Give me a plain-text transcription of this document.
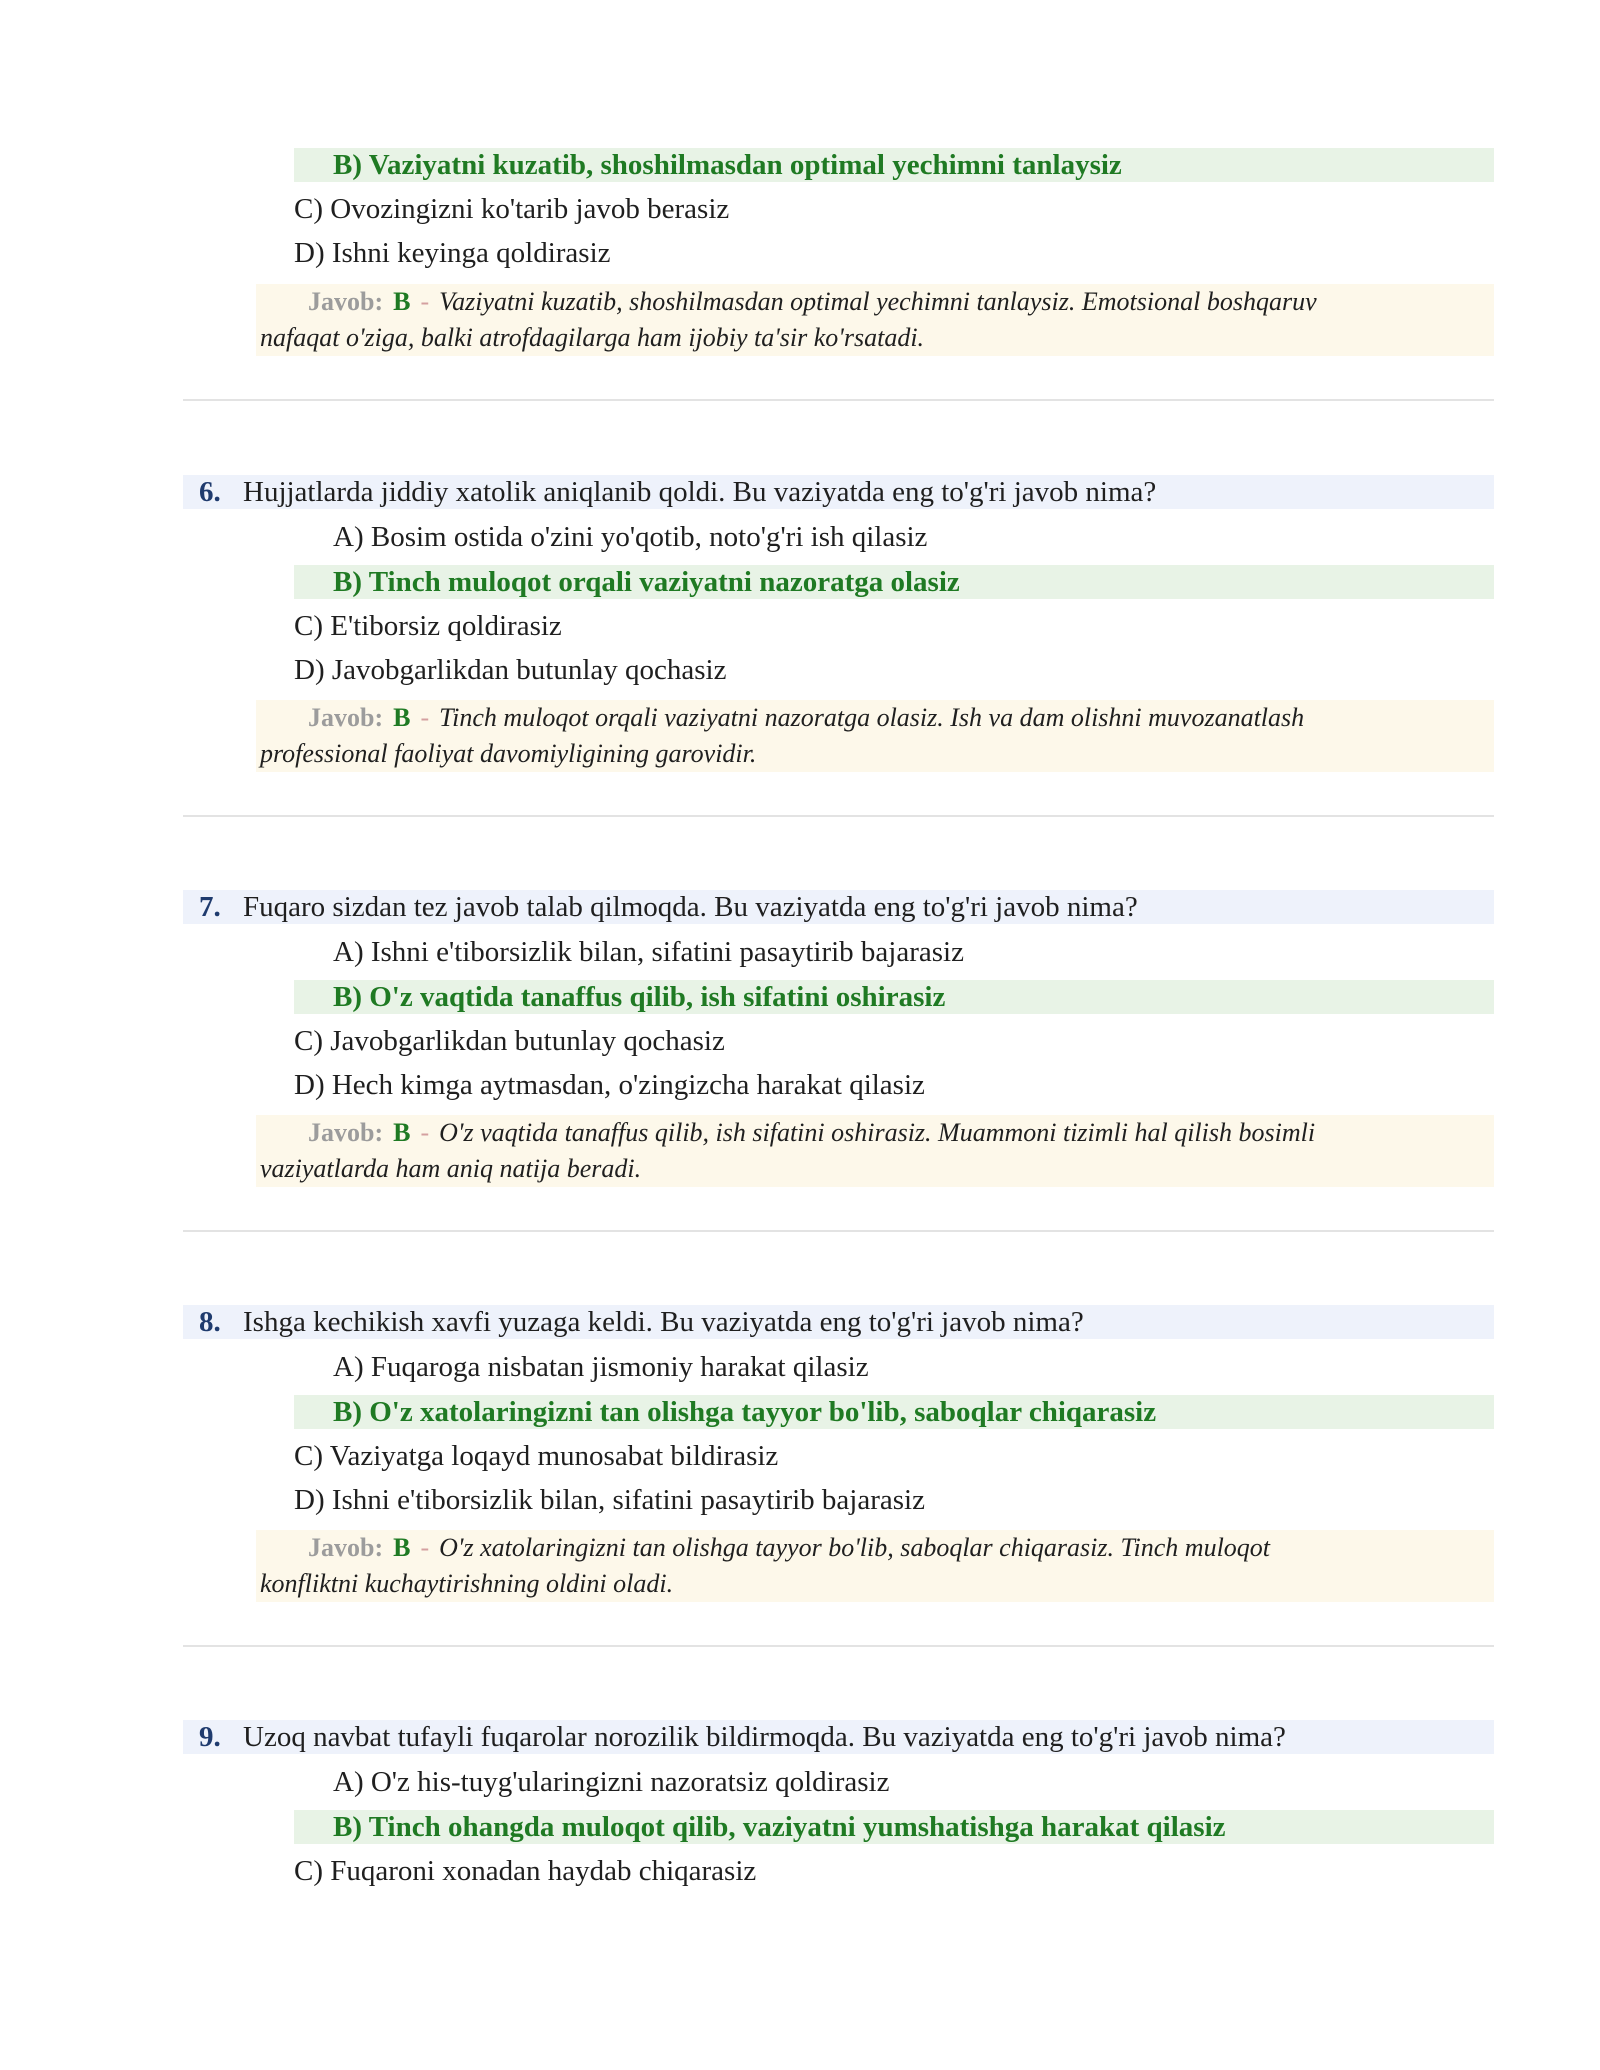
B) Vaziyatni kuzatib, shoshilmasdan optimal yechimni tanlaysiz
C) Ovozingizni ko'tarib javob berasiz
D) Ishni keyinga qoldirasiz
Javob: B - Vaziyatni kuzatib, shoshilmasdan optimal yechimni tanlaysiz. Emotsional boshqaruv
nafaqat o'ziga, balki atrofdagilarga ham ijobiy ta'sir ko'rsatadi.
6. Hujjatlarda jiddiy xatolik aniqlanib qoldi. Bu vaziyatda eng to'g'ri javob nima?
A) Bosim ostida o'zini yo'qotib, noto'g'ri ish qilasiz
B) Tinch muloqot orqali vaziyatni nazoratga olasiz
C) E'tiborsiz qoldirasiz
D) Javobgarlikdan butunlay qochasiz
Javob: B - Tinch muloqot orqali vaziyatni nazoratga olasiz. Ish va dam olishni muvozanatlash
professional faoliyat davomiyligining garovidir.
7. Fuqaro sizdan tez javob talab qilmoqda. Bu vaziyatda eng to'g'ri javob nima?
A) Ishni e'tiborsizlik bilan, sifatini pasaytirib bajarasiz
B) O'z vaqtida tanaffus qilib, ish sifatini oshirasiz
C) Javobgarlikdan butunlay qochasiz
D) Hech kimga aytmasdan, o'zingizcha harakat qilasiz
Javob: B - O'z vaqtida tanaffus qilib, ish sifatini oshirasiz. Muammoni tizimli hal qilish bosimli
vaziyatlarda ham aniq natija beradi.
8. Ishga kechikish xavfi yuzaga keldi. Bu vaziyatda eng to'g'ri javob nima?
A) Fuqaroga nisbatan jismoniy harakat qilasiz
B) O'z xatolaringizni tan olishga tayyor bo'lib, saboqlar chiqarasiz
C) Vaziyatga loqayd munosabat bildirasiz
D) Ishni e'tiborsizlik bilan, sifatini pasaytirib bajarasiz
Javob: B - O'z xatolaringizni tan olishga tayyor bo'lib, saboqlar chiqarasiz. Tinch muloqot
konfliktni kuchaytirishning oldini oladi.
9. Uzoq navbat tufayli fuqarolar norozilik bildirmoqda. Bu vaziyatda eng to'g'ri javob nima?
A) O'z his-tuyg'ularingizni nazoratsiz qoldirasiz
B) Tinch ohangda muloqot qilib, vaziyatni yumshatishga harakat qilasiz
C) Fuqaroni xonadan haydab chiqarasiz
